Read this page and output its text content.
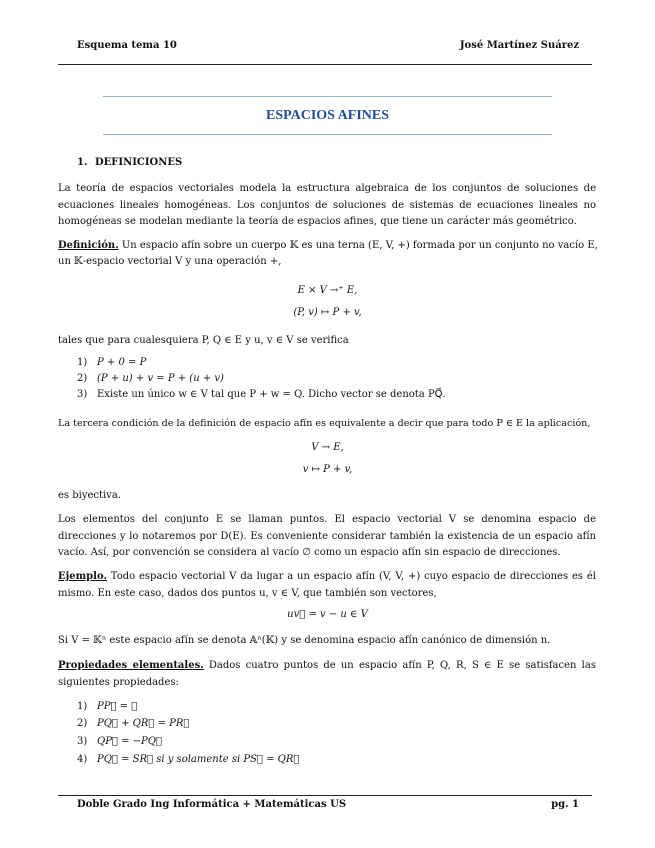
Esquema tema 10	José Martínez Suárez
ESPACIOS AFINES
1. DEFINICIONES
La teoría de espacios vectoriales modela la estructura algebraica de los conjuntos de soluciones de ecuaciones lineales homogéneas. Los conjuntos de soluciones de sistemas de ecuaciones lineales no homogéneas se modelan mediante la teoría de espacios afines, que tiene un carácter más geométrico.
Definición. Un espacio afín sobre un cuerpo 𝕂 es una terna (E, V, +) formada por un conjunto no vacío E,
un 𝕂-espacio vectorial V y una operación +,
E × V →⁺ E,
(P, v) ↦ P + v,
tales que para cualesquiera P, Q ∈ E y u, v ∈ V se verifica
1) P + 0 = P
2) (P + u) + v = P + (u + v)
3) Existe un único w ∈ V tal que P + w = Q. Dicho vector se denota PQ⃗.
La tercera condición de la definición de espacio afín es equivalente a decir que para todo P ∈ E la aplicación,
V → E,
v ↦ P + v,
es biyectiva.
Los elementos del conjunto E se llaman puntos. El espacio vectorial V se denomina espacio de direcciones y lo notaremos por D(E). Es conveniente considerar también la existencia de un espacio afín vacío. Así, por convención se considera al vacío ∅ como un espacio afín sin espacio de direcciones.
Ejemplo. Todo espacio vectorial V da lugar a un espacio afín (V, V, +) cuyo espacio de direcciones es él mismo. En este caso, dados dos puntos u, v ∈ V, que también son vectores,
uv⃗ = v − u ∈ V
Si V = 𝕂ⁿ este espacio afín se denota 𝔸ⁿ(𝕂) y se denomina espacio afín canónico de dimensión n.
Propiedades elementales. Dados cuatro puntos de un espacio afín P, Q, R, S ∈ E se satisfacen las siguientes propiedades:
1) PP⃗ = 𝟎
2) PQ⃗ + QR⃗ = PR⃗
3) QP⃗ = −PQ⃗
4) PQ⃗ = SR⃗ si y solamente si PS⃗ = QR⃗
Doble Grado Ing Informática + Matemáticas US	pg. 1
